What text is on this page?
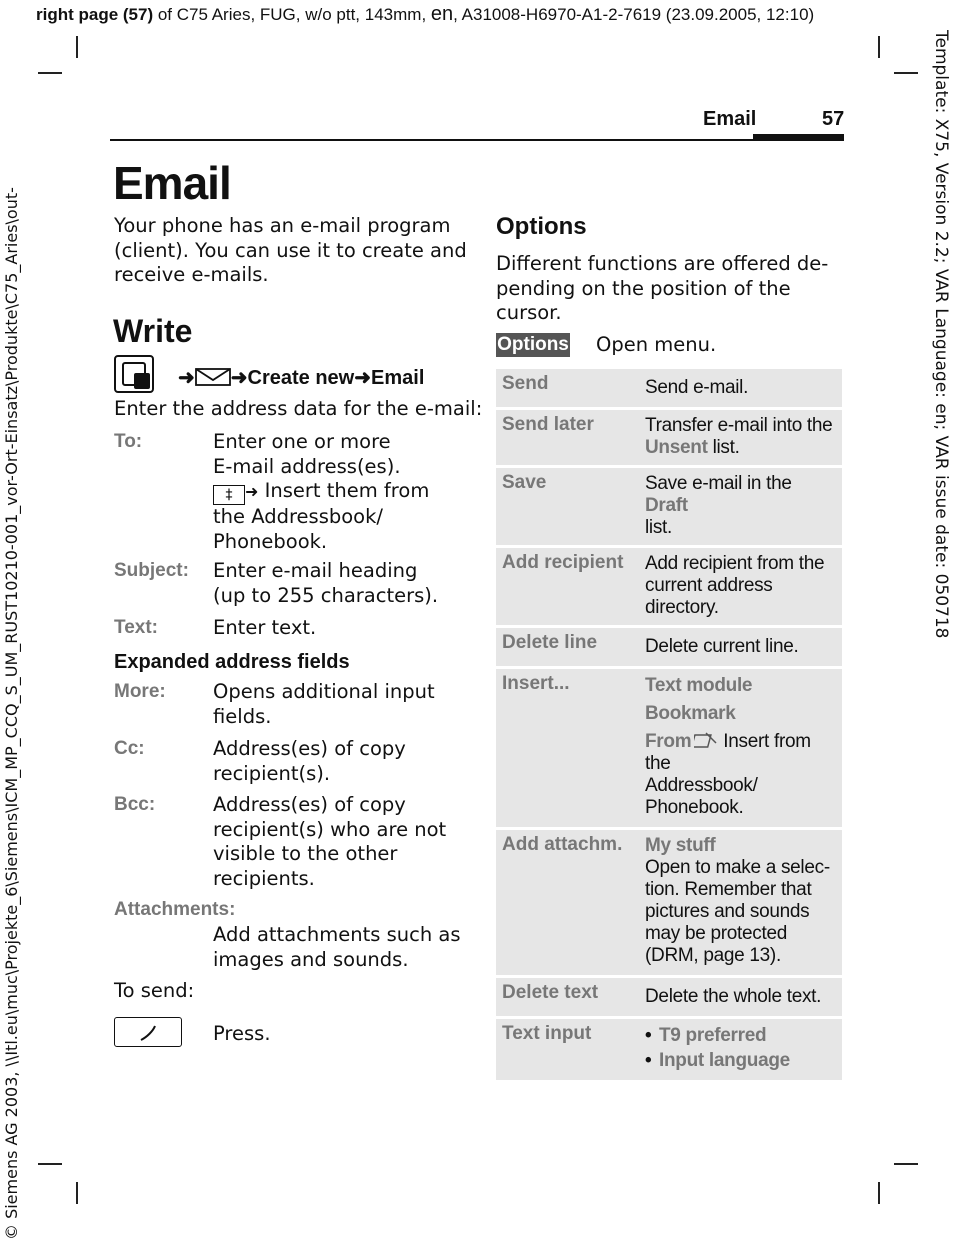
right page (57) of C75 Aries, FUG, w/o ptt, 143mm, en, A31008-H6970-A1-2-7619 (23.09.2005, 12:10)
Template: X75, Version 2.2; VAR Language: en; VAR issue date: 050718
© Siemens AG 2003, \\Itl.eu\muc\Projekte_6\Siemens\ICM_MP_CCQ_S_UM_RUST10210-001_vor-Ort-Einsatz\Produkte\C75_Aries\out-
Email	57
Email
Your phone has an e-mail program
(client). You can use it to create and
receive e-mails.
Write
➜ ➜Create new➜Email
Enter the address data for the e-mail:
To:	Enter one or more
E-mail address(es).
‡ ➜ Insert them from
the Addressbook/
Phonebook.
Subject: Enter e-mail heading
(up to 255 characters).
Text:	Enter text.
Expanded address fields
More: Opens additional input
fields.
Cc:	Address(es) of copy
recipient(s).
Bcc:	Address(es) of copy
recipient(s) who are not
visible to the other
recipients.
Attachments:
Add attachments such as
images and sounds.
To send:
Press.
Options
Different functions are offered de-
pending on the position of the
cursor.
Options Open menu.
Send	Send e-mail.
Send later	Transfer e-mail into the
Unsent list.
Save	Save e-mail in the Draft
list.
Add recipient Add recipient from the
current address
directory.
Delete line	Delete current line.
Insert...	Text module
Bookmark
From Insert from the
Addressbook/
Phonebook.
Add attachm. My stuff
Open to make a selec-
tion. Remember that
pictures and sounds
may be protected
(DRM, page 13).
Delete text Delete the whole text.
Text input
•	T9 preferred
• Input language
